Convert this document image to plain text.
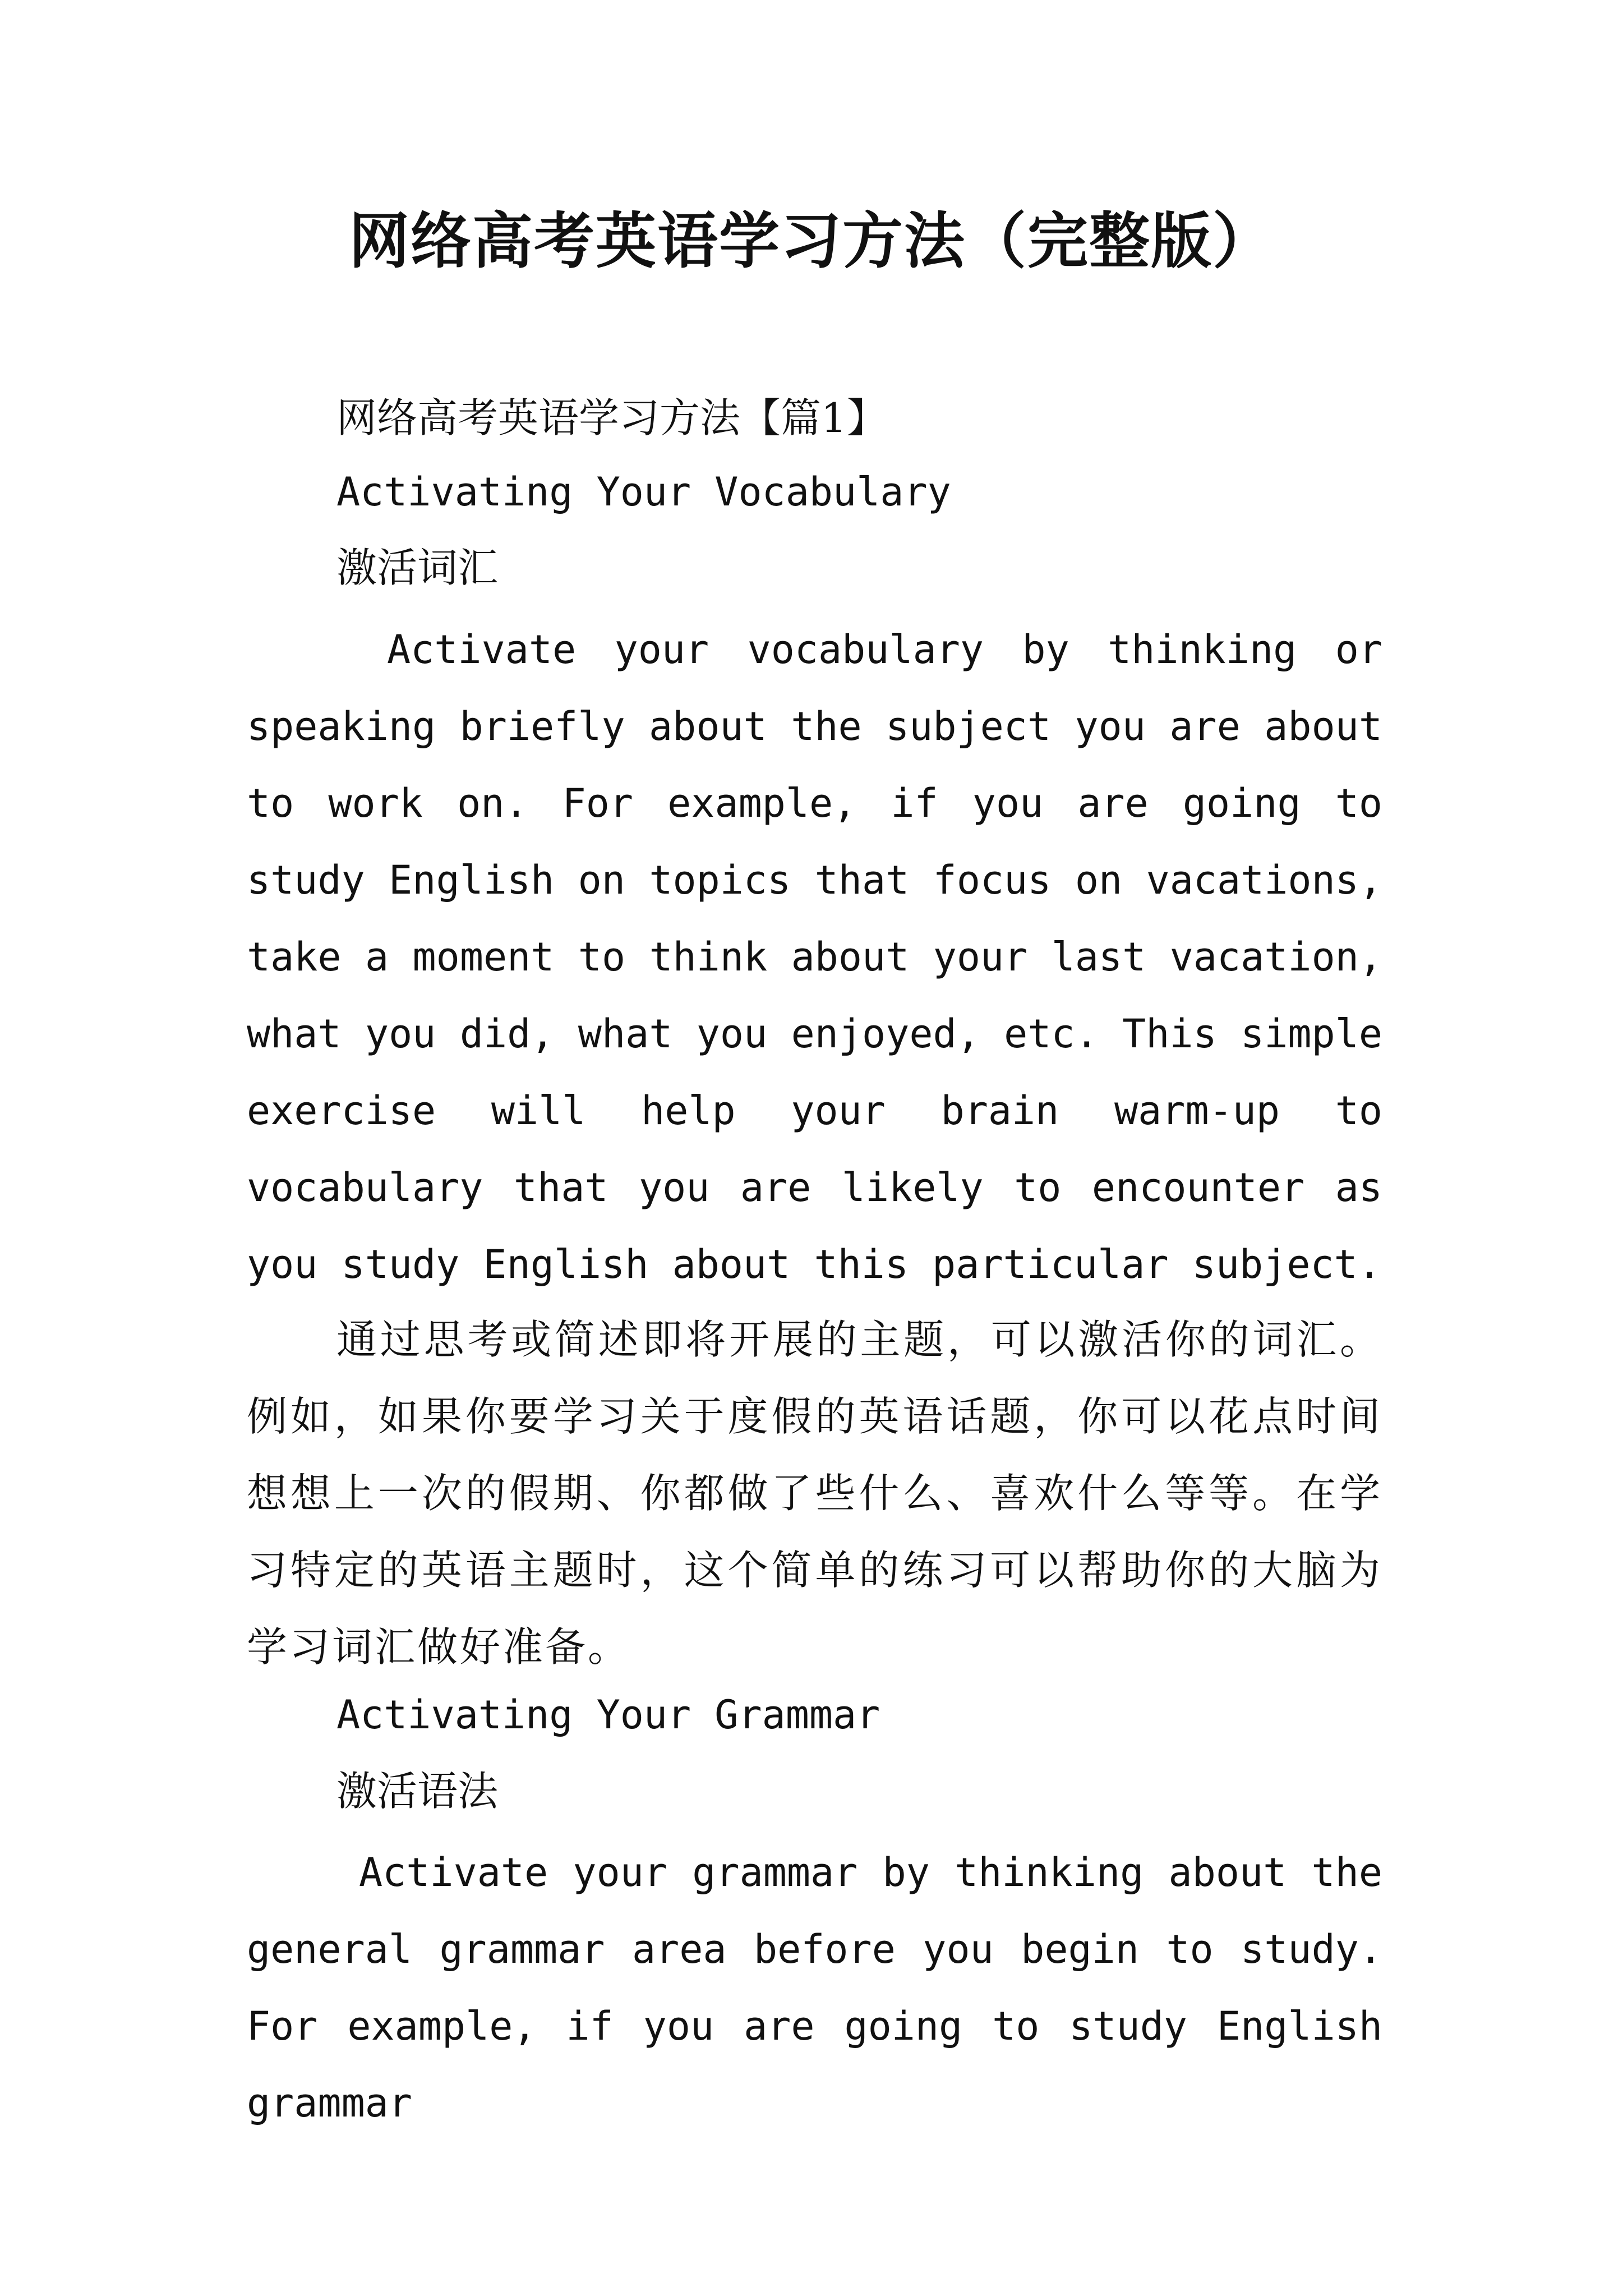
网络高考英语学习方法（完整版）

网络高考英语学习方法【篇1】

Activating Your Vocabulary

激活词汇

Activate your vocabulary by thinking or speaking briefly about the subject you are about to work on. For example, if you are going to study English on topics that focus on vacations, take a moment to think about your last vacation, what you did, what you enjoyed, etc. This simple exercise will help your brain warm-up to vocabulary that you are likely to encounter as you study English about this particular subject.

通过思考或简述即将开展的主题，可以激活你的词汇。例如，如果你要学习关于度假的英语话题，你可以花点时间想想上一次的假期、你都做了些什么、喜欢什么等等。在学习特定的英语主题时，这个简单的练习可以帮助你的大脑为学习词汇做好准备。

Activating Your Grammar

激活语法

Activate your grammar by thinking about the general grammar area before you begin to study. For example, if you are going to study English grammar
